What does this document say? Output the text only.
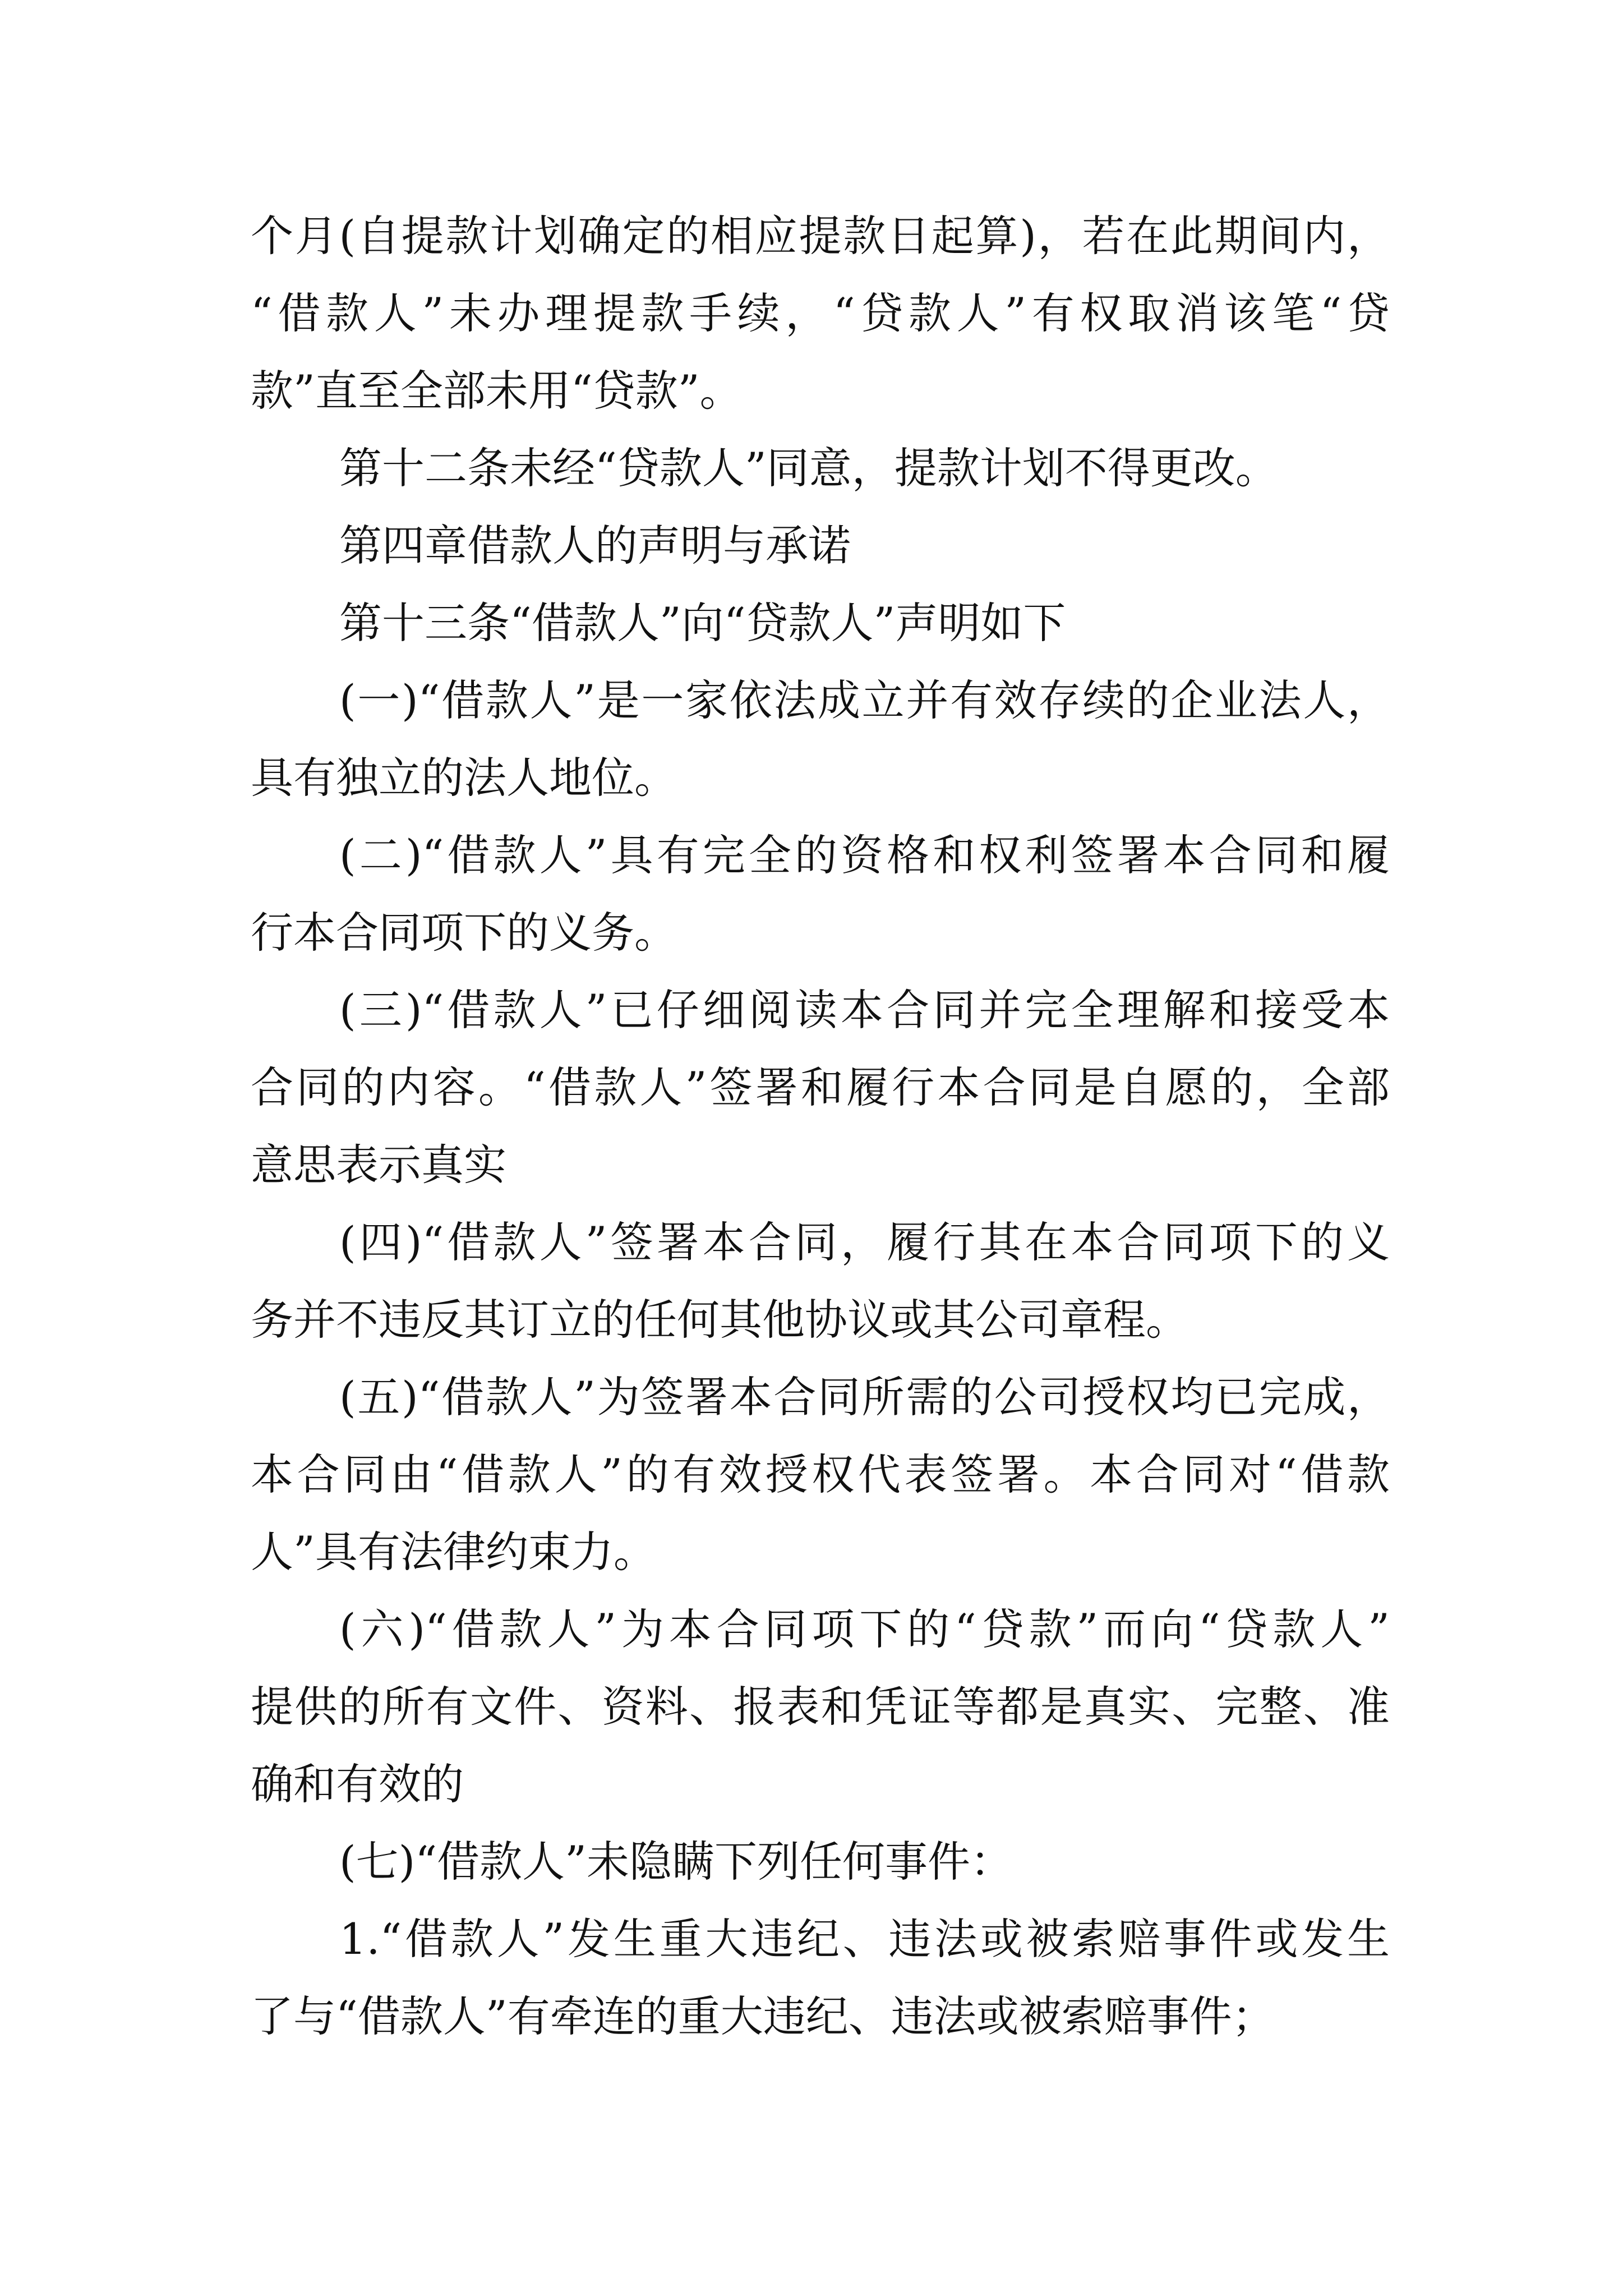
个月(自提款计划确定的相应提款日起算)，若在此期间内，
“借款人”未办理提款手续，“贷款人”有权取消该笔“贷
款”直至全部未用“贷款”。
第十二条未经“贷款人”同意，提款计划不得更改。
第四章借款人的声明与承诺
第十三条“借款人”向“贷款人”声明如下
(一)“借款人”是一家依法成立并有效存续的企业法人，
具有独立的法人地位。
(二)“借款人”具有完全的资格和权利签署本合同和履
行本合同项下的义务。
(三)“借款人”已仔细阅读本合同并完全理解和接受本
合同的内容。“借款人”签署和履行本合同是自愿的，全部
意思表示真实
(四)“借款人”签署本合同，履行其在本合同项下的义
务并不违反其订立的任何其他协议或其公司章程。
(五)“借款人”为签署本合同所需的公司授权均已完成，
本合同由“借款人”的有效授权代表签署。本合同对“借款
人”具有法律约束力。
(六)“借款人”为本合同项下的“贷款”而向“贷款人”
提供的所有文件、资料、报表和凭证等都是真实、完整、准
确和有效的
(七)“借款人”未隐瞒下列任何事件：
1.“借款人”发生重大违纪、违法或被索赔事件或发生
了与“借款人”有牵连的重大违纪、违法或被索赔事件；
